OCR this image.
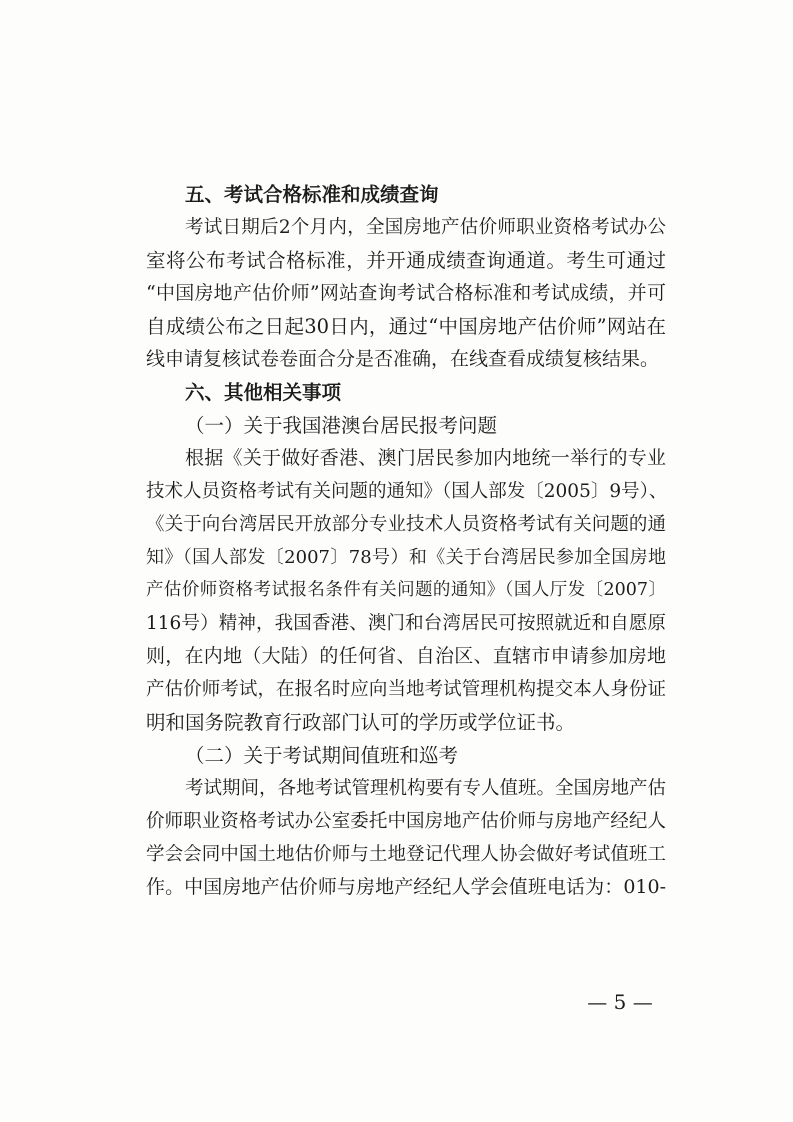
五、考试合格标准和成绩查询
考试日期后2个月内，全国房地产估价师职业资格考试办公
室将公布考试合格标准，并开通成绩查询通道。考生可通过
“中国房地产估价师”网站查询考试合格标准和考试成绩，并可
自成绩公布之日起30日内，通过“中国房地产估价师”网站在
线申请复核试卷卷面合分是否准确，在线查看成绩复核结果。
六、其他相关事项
（一）关于我国港澳台居民报考问题
根据《关于做好香港、澳门居民参加内地统一举行的专业
技术人员资格考试有关问题的通知》（国人部发〔2005〕9号）、
《关于向台湾居民开放部分专业技术人员资格考试有关问题的通
知》（国人部发〔2007〕78号）和《关于台湾居民参加全国房地
产估价师资格考试报名条件有关问题的通知》（国人厅发〔2007〕
116号）精神，我国香港、澳门和台湾居民可按照就近和自愿原
则，在内地（大陆）的任何省、自治区、直辖市申请参加房地
产估价师考试，在报名时应向当地考试管理机构提交本人身份证
明和国务院教育行政部门认可的学历或学位证书。
（二）关于考试期间值班和巡考
考试期间，各地考试管理机构要有专人值班。全国房地产估
价师职业资格考试办公室委托中国房地产估价师与房地产经纪人
学会会同中国土地估价师与土地登记代理人协会做好考试值班工
作。中国房地产估价师与房地产经纪人学会值班电话为：010-
— 5 —
